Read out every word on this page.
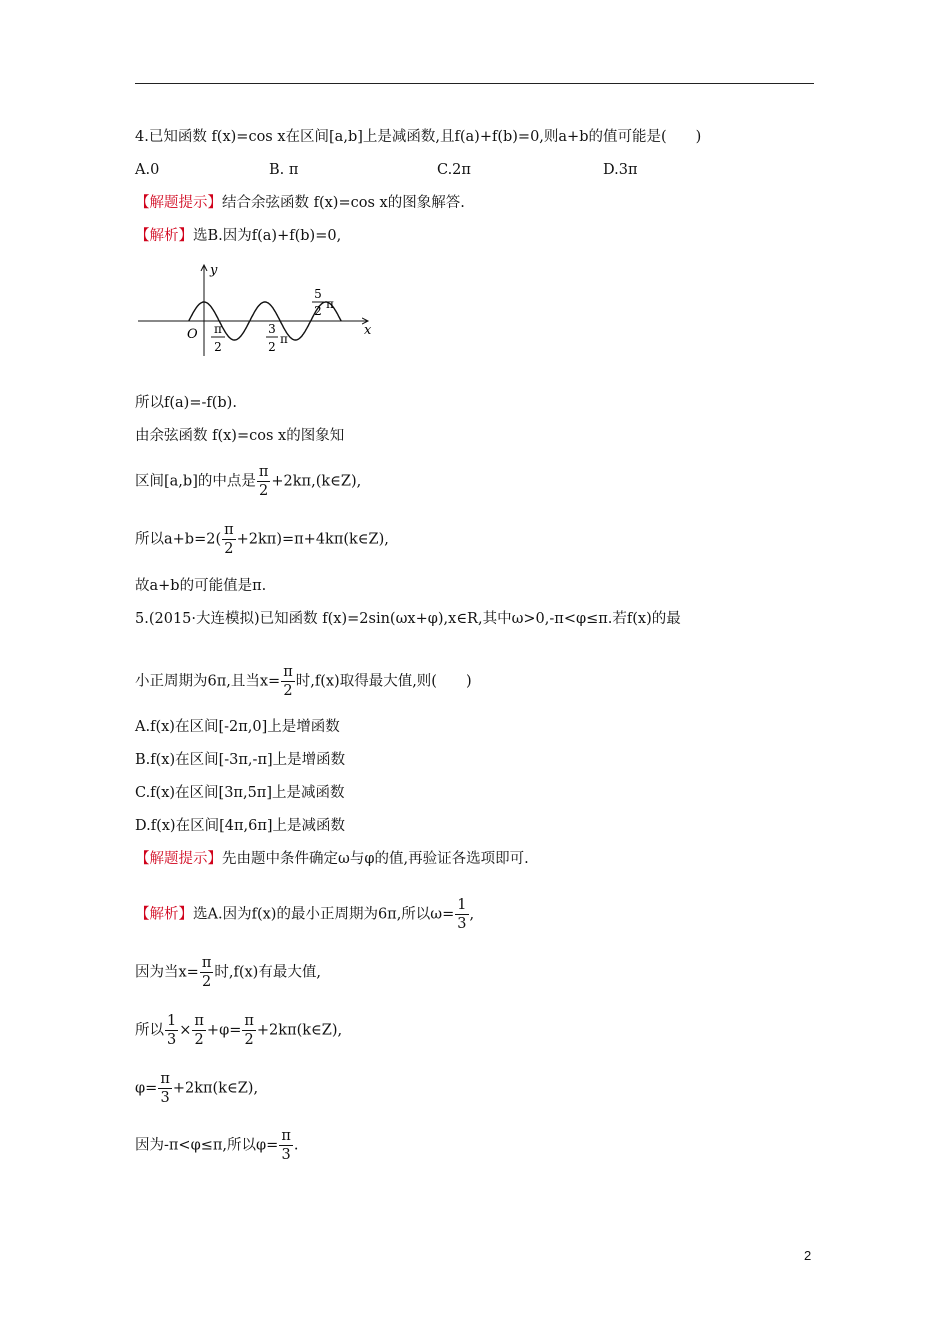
4.已知函数 f(x)=cos x在区间[a,b]上是减函数,且f(a)+f(b)=0,则a+b的值可能是(　　)
A.0	B. π	C.2π	D.3π
【解题提示】结合余弦函数 f(x)=cos x的图象解答.
【解析】选B.因为f(a)+f(b)=0,
y
x
O π
2
3
2
π
5
2 π
所以f(a)=-f(b).
由余弦函数 f(x)=cos x的图象知
区间[a,b]的中点是 $\frac{\pi}{2}$ +2kπ,(k∈Z),
所以$a+b=2( \frac{\pi}{2}$ +2kπ)=π+4kπ(k∈Z),
故a+b的可能值是π.
5.(2015·大连模拟)已知函数 f(x)=2sin(ωx+φ),x∈R,其中ω>0,-π<φ≤π.若f(x)的最
小正周期为6π,且当$x= \frac{\pi}{2}$ 时,f(x)取得最大值,则(　　)
A.f(x)在区间[-2π,0]上是增函数
B.f(x)在区间[-3π,-π]上是增函数
C.f(x)在区间[3π,5π]上是减函数
D.f(x)在区间[4π,6π]上是减函数
【解题提示】先由题中条件确定ω与φ的值,再验证各选项即可.
【解析】选A.因为f(x)的最小正周期为6π,所以$\omega= \frac{1}{3}$ ,
因为当$x= \frac{\pi}{2}$ 时,f(x)有最大值,
所以 $\frac{1}{3} \times \frac{\pi}{2} +\varphi= \frac{\pi}{2}$ +2kπ(k∈Z),
$\varphi= \frac{\pi}{3}$ +2kπ(k∈Z),
因为-π<φ≤π,所以$\varphi= \frac{\pi}{3}$ .
2
